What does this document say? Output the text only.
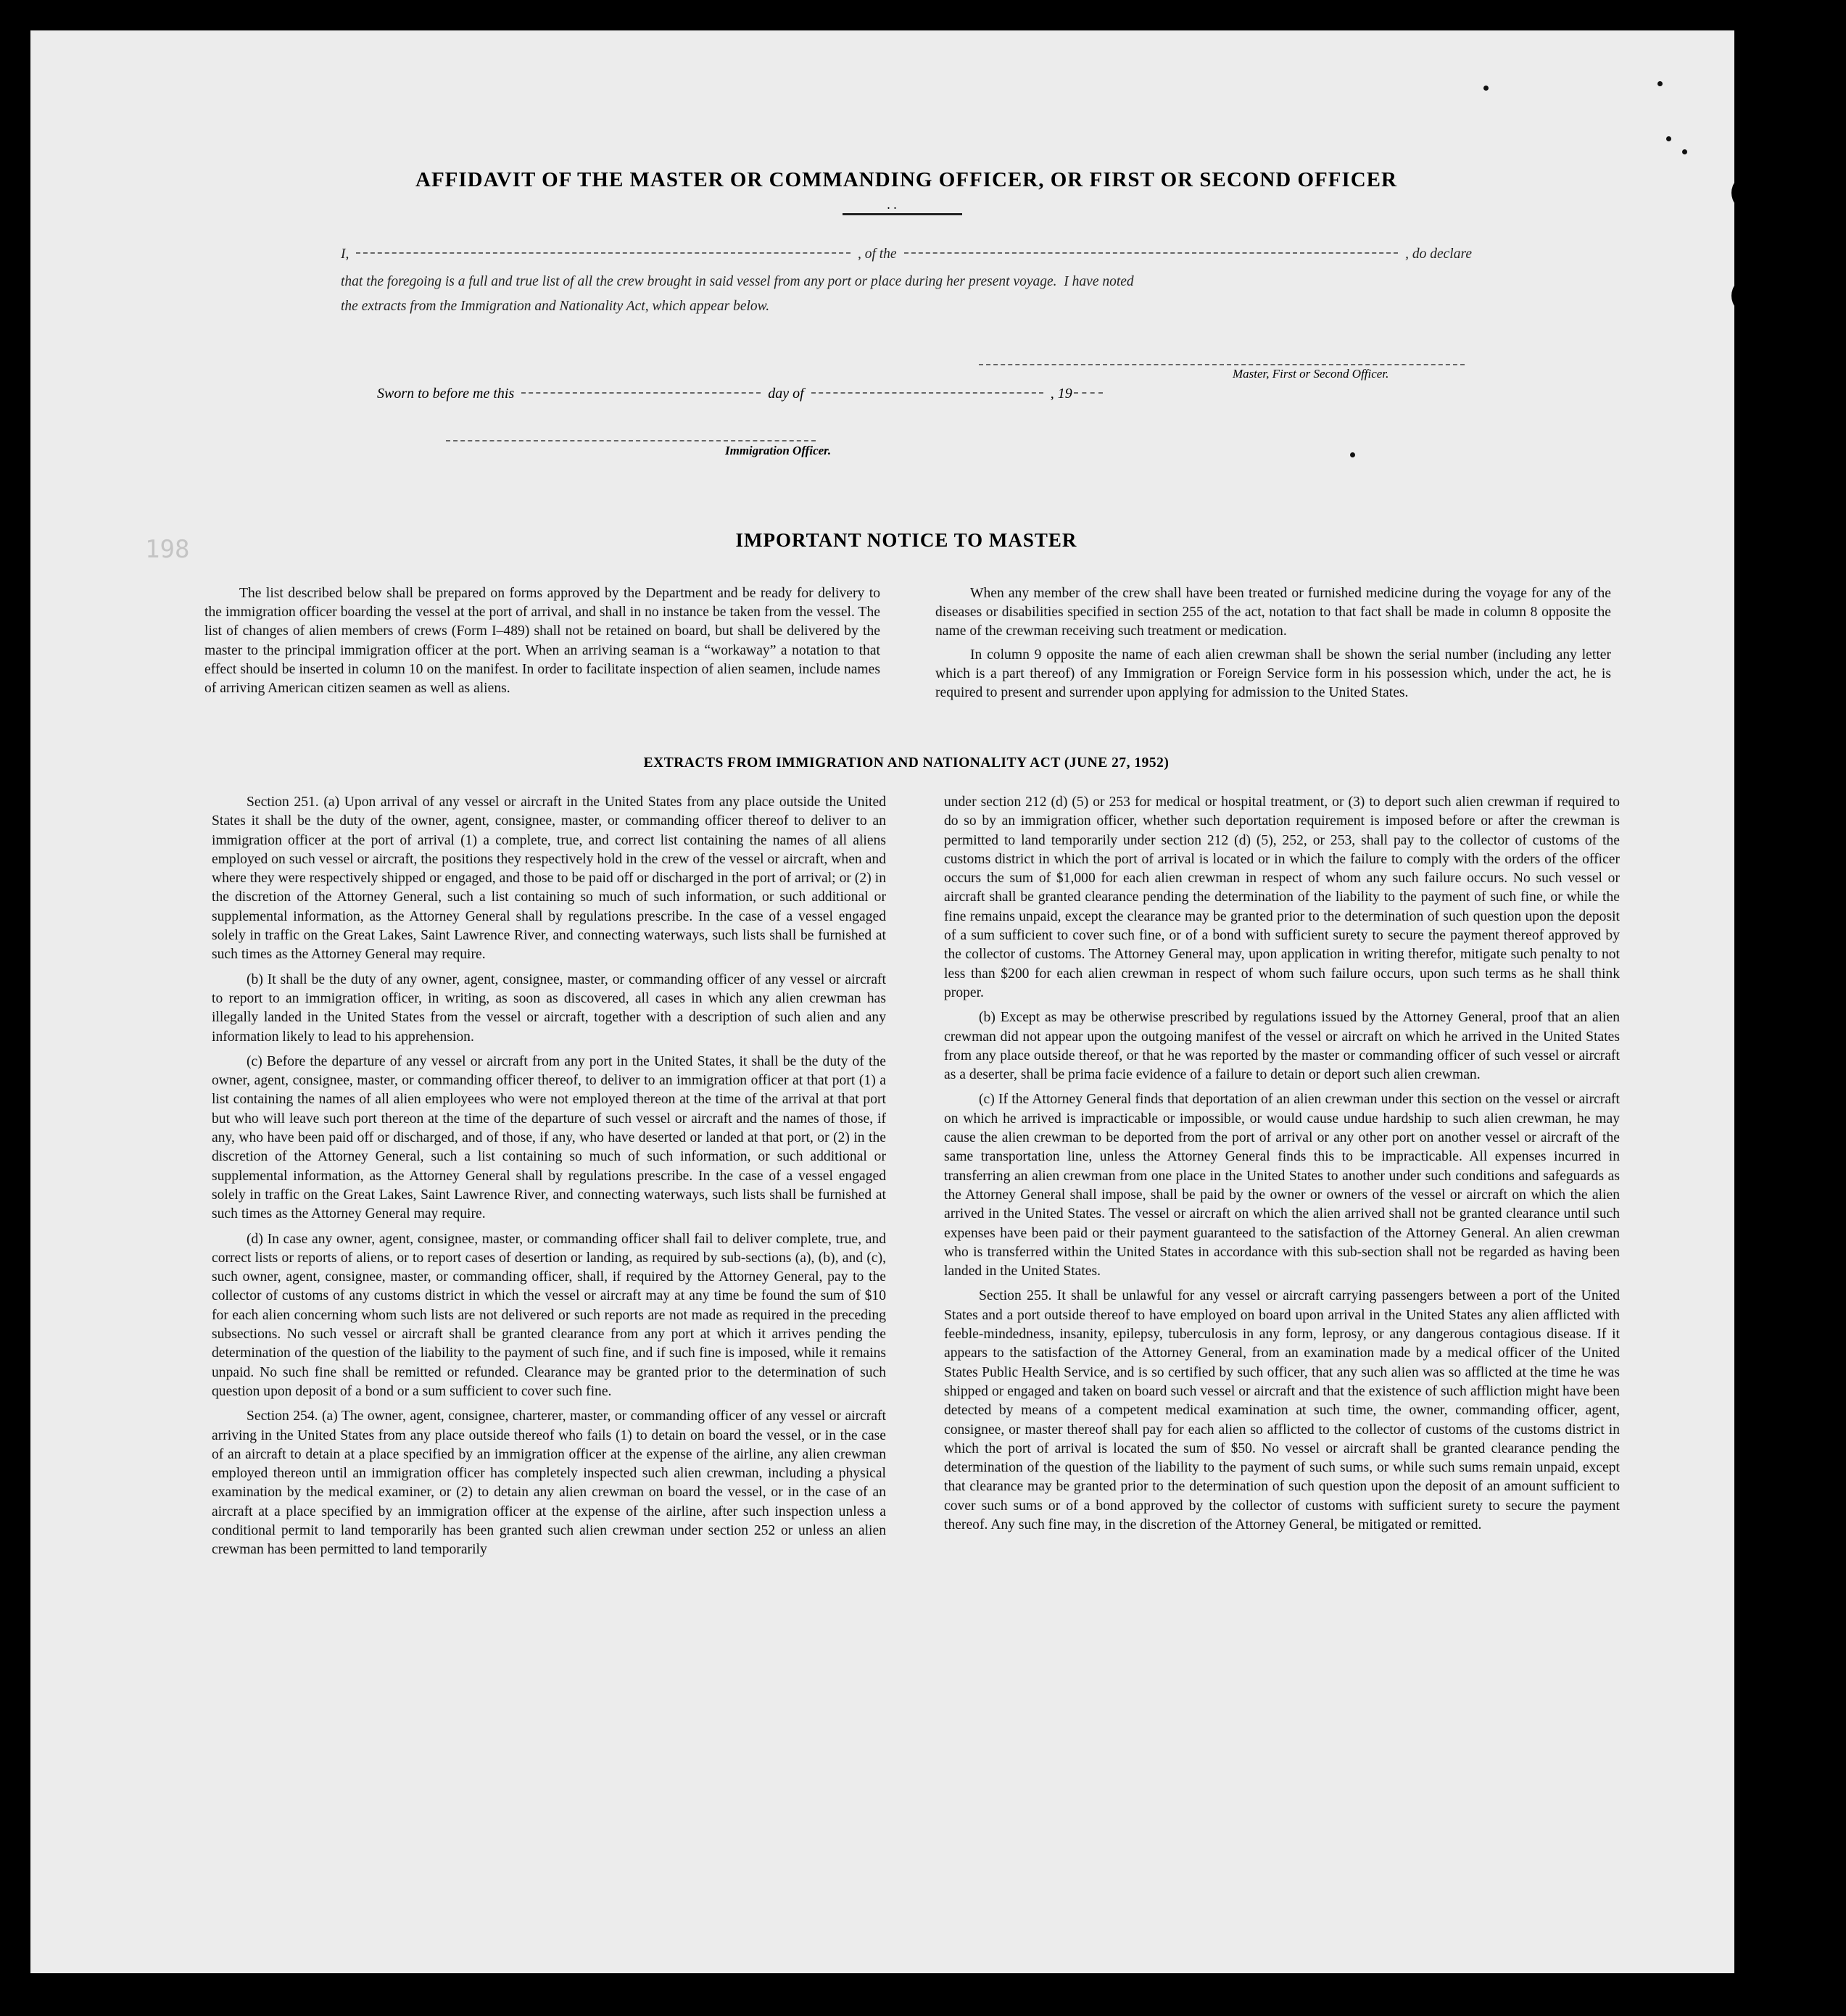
198
AFFIDAVIT OF THE MASTER OR COMMANDING OFFICER, OR FIRST OR SECOND OFFICER
. .
I,	, of the	, do declare
that the foregoing is a full and true list of all the crew brought in said vessel from any port or place during her present voyage.  I have noted
the extracts from the Immigration and Nationality Act, which appear below.
Master, First or Second Officer.
Sworn to before me this	day of	, 19
Immigration Officer.
IMPORTANT NOTICE TO MASTER

The list described below shall be prepared on forms approved by the Department and be ready for delivery to the immigration officer boarding the vessel at the port of arrival, and shall in no instance be taken from the vessel. The list of changes of alien members of crews (Form I–489) shall not be retained on board, but shall be delivered by the master to the principal immigration officer at the port. When an arriving seaman is a “workaway” a notation to that effect should be inserted in column 10 on the manifest. In order to facilitate inspection of alien seamen, include names of arriving American citizen seamen as well as aliens.

When any member of the crew shall have been treated or furnished medicine during the voyage for any of the diseases or disabilities specified in section 255 of the act, notation to that fact shall be made in column 8 opposite the name of the crewman receiving such treatment or medication.

In column 9 opposite the name of each alien crewman shall be shown the serial number (including any letter which is a part thereof) of any Immigration or Foreign Service form in his possession which, under the act, he is required to present and surrender upon applying for admission to the United States.

EXTRACTS FROM IMMIGRATION AND NATIONALITY ACT (JUNE 27, 1952)

Section 251. (a) Upon arrival of any vessel or aircraft in the United States from any place outside the United States it shall be the duty of the owner, agent, consignee, master, or commanding officer thereof to deliver to an immigration officer at the port of arrival (1) a complete, true, and correct list containing the names of all aliens employed on such vessel or aircraft, the positions they respectively hold in the crew of the vessel or aircraft, when and where they were respectively shipped or engaged, and those to be paid off or discharged in the port of arrival; or (2) in the discretion of the Attorney General, such a list containing so much of such information, or such additional or supplemental information, as the Attorney General shall by regulations prescribe. In the case of a vessel engaged solely in traffic on the Great Lakes, Saint Lawrence River, and connecting waterways, such lists shall be furnished at such times as the Attorney General may require.

(b) It shall be the duty of any owner, agent, consignee, master, or commanding officer of any vessel or aircraft to report to an immigration officer, in writing, as soon as discovered, all cases in which any alien crewman has illegally landed in the United States from the vessel or aircraft, together with a description of such alien and any information likely to lead to his apprehension.

(c) Before the departure of any vessel or aircraft from any port in the United States, it shall be the duty of the owner, agent, consignee, master, or commanding officer thereof, to deliver to an immigration officer at that port (1) a list containing the names of all alien employees who were not employed thereon at the time of the arrival at that port but who will leave such port thereon at the time of the departure of such vessel or aircraft and the names of those, if any, who have been paid off or discharged, and of those, if any, who have deserted or landed at that port, or (2) in the discretion of the Attorney General, such a list containing so much of such information, or such additional or supplemental information, as the Attorney General shall by regulations prescribe. In the case of a vessel engaged solely in traffic on the Great Lakes, Saint Lawrence River, and connecting waterways, such lists shall be furnished at such times as the Attorney General may require.

(d) In case any owner, agent, consignee, master, or commanding officer shall fail to deliver complete, true, and correct lists or reports of aliens, or to report cases of desertion or landing, as required by sub-sections (a), (b), and (c), such owner, agent, consignee, master, or commanding officer, shall, if required by the Attorney General, pay to the collector of customs of any customs district in which the vessel or aircraft may at any time be found the sum of $10 for each alien concerning whom such lists are not delivered or such reports are not made as required in the preceding subsections. No such vessel or aircraft shall be granted clearance from any port at which it arrives pending the determination of the question of the liability to the payment of such fine, and if such fine is imposed, while it remains unpaid. No such fine shall be remitted or refunded. Clearance may be granted prior to the determination of such question upon deposit of a bond or a sum sufficient to cover such fine.

Section 254. (a) The owner, agent, consignee, charterer, master, or commanding officer of any vessel or aircraft arriving in the United States from any place outside thereof who fails (1) to detain on board the vessel, or in the case of an aircraft to detain at a place specified by an immigration officer at the expense of the airline, any alien crewman employed thereon until an immigration officer has completely inspected such alien crewman, including a physical examination by the medical examiner, or (2) to detain any alien crewman on board the vessel, or in the case of an aircraft at a place specified by an immigration officer at the expense of the airline, after such inspection unless a conditional permit to land temporarily has been granted such alien crewman under section 252 or unless an alien crewman has been permitted to land temporarily

under section 212 (d) (5) or 253 for medical or hospital treatment, or (3) to deport such alien crewman if required to do so by an immigration officer, whether such deportation requirement is imposed before or after the crewman is permitted to land temporarily under section 212 (d) (5), 252, or 253, shall pay to the collector of customs of the customs district in which the port of arrival is located or in which the failure to comply with the orders of the officer occurs the sum of $1,000 for each alien crewman in respect of whom any such failure occurs. No such vessel or aircraft shall be granted clearance pending the determination of the liability to the payment of such fine, or while the fine remains unpaid, except the clearance may be granted prior to the determination of such question upon the deposit of a sum sufficient to cover such fine, or of a bond with sufficient surety to secure the payment thereof approved by the collector of customs. The Attorney General may, upon application in writing therefor, mitigate such penalty to not less than $200 for each alien crewman in respect of whom such failure occurs, upon such terms as he shall think proper.

(b) Except as may be otherwise prescribed by regulations issued by the Attorney General, proof that an alien crewman did not appear upon the outgoing manifest of the vessel or aircraft on which he arrived in the United States from any place outside thereof, or that he was reported by the master or commanding officer of such vessel or aircraft as a deserter, shall be prima facie evidence of a failure to detain or deport such alien crewman.

(c) If the Attorney General finds that deportation of an alien crewman under this section on the vessel or aircraft on which he arrived is impracticable or impossible, or would cause undue hardship to such alien crewman, he may cause the alien crewman to be deported from the port of arrival or any other port on another vessel or aircraft of the same transportation line, unless the Attorney General finds this to be impracticable. All expenses incurred in transferring an alien crewman from one place in the United States to another under such conditions and safeguards as the Attorney General shall impose, shall be paid by the owner or owners of the vessel or aircraft on which the alien arrived in the United States. The vessel or aircraft on which the alien arrived shall not be granted clearance until such expenses have been paid or their payment guaranteed to the satisfaction of the Attorney General. An alien crewman who is transferred within the United States in accordance with this sub-section shall not be regarded as having been landed in the United States.

Section 255. It shall be unlawful for any vessel or aircraft carrying passengers between a port of the United States and a port outside thereof to have employed on board upon arrival in the United States any alien afflicted with feeble-mindedness, insanity, epilepsy, tuberculosis in any form, leprosy, or any dangerous contagious disease. If it appears to the satisfaction of the Attorney General, from an examination made by a medical officer of the United States Public Health Service, and is so certified by such officer, that any such alien was so afflicted at the time he was shipped or engaged and taken on board such vessel or aircraft and that the existence of such affliction might have been detected by means of a competent medical examination at such time, the owner, commanding officer, agent, consignee, or master thereof shall pay for each alien so afflicted to the collector of customs of the customs district in which the port of arrival is located the sum of $50. No vessel or aircraft shall be granted clearance pending the determination of the question of the liability to the payment of such sums, or while such sums remain unpaid, except that clearance may be granted prior to the determination of such question upon the deposit of an amount sufficient to cover such sums or of a bond approved by the collector of customs with sufficient surety to secure the payment thereof. Any such fine may, in the discretion of the Attorney General, be mitigated or remitted.
